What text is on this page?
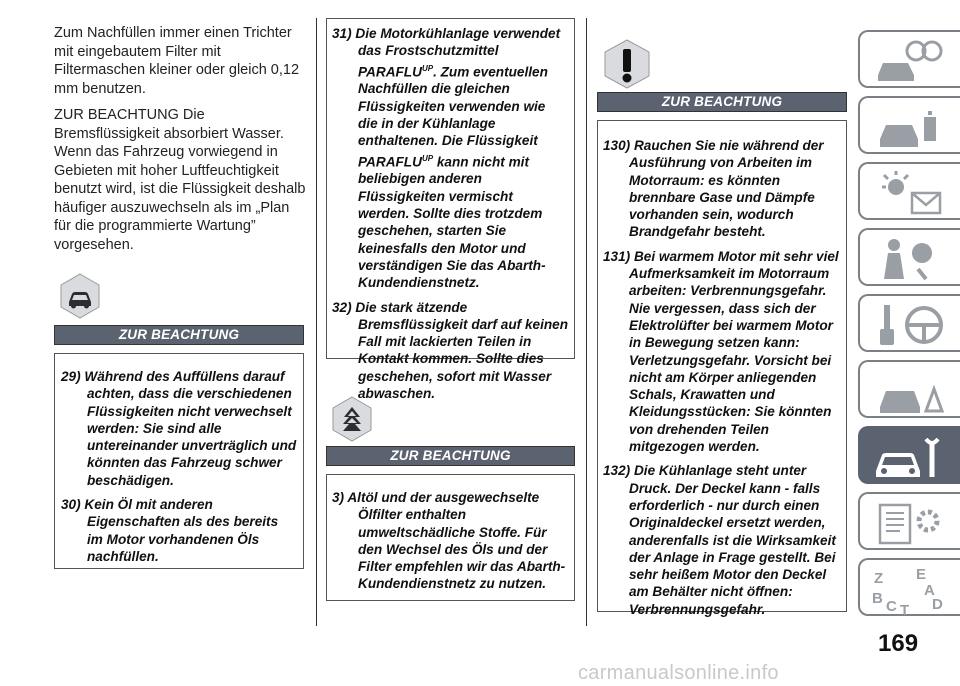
Zum Nachfüllen immer einen Trichter mit eingebautem Filter mit Filtermaschen kleiner oder gleich 0,12 mm benutzen.

ZUR BEACHTUNG Die Bremsflüssigkeit absorbiert Wasser. Wenn das Fahrzeug vorwiegend in Gebieten mit hoher Luftfeuchtigkeit benutzt wird, ist die Flüssigkeit deshalb häufiger auszuwechseln als im „Plan für die programmierte Wartung” vorgesehen.

ZUR BEACHTUNG
29) Während des Auffüllens darauf achten, dass die verschiedenen Flüssigkeiten nicht verwechselt werden: Sie sind alle untereinander unverträglich und könnten das Fahrzeug schwer beschädigen.
30) Kein Öl mit anderen Eigenschaften als des bereits im Motor vorhandenen Öls nachfüllen.
31) Die Motorkühlanlage verwendet das Frostschutzmittel $PARAFLU^{UP}$. Zum eventuellen Nachfüllen die gleichen Flüssigkeiten verwenden wie die in der Kühlanlage enthaltenen. Die Flüssigkeit $PARAFLU^{UP}$ kann nicht mit beliebigen anderen Flüssigkeiten vermischt werden. Sollte dies trotzdem geschehen, starten Sie keinesfalls den Motor und verständigen Sie das Abarth-Kundendienstnetz.
32) Die stark ätzende Bremsflüssigkeit darf auf keinen Fall mit lackierten Teilen in Kontakt kommen. Sollte dies geschehen, sofort mit Wasser abwaschen.
ZUR BEACHTUNG
3) Altöl und der ausgewechselte Ölfilter enthalten umweltschädliche Stoffe. Für den Wechsel des Öls und der Filter empfehlen wir das Abarth-Kundendienstnetz zu nutzen.
ZUR BEACHTUNG
130) Rauchen Sie nie während der Ausführung von Arbeiten im Motorraum: es könnten brennbare Gase und Dämpfe vorhanden sein, wodurch Brandgefahr besteht.
131) Bei warmem Motor mit sehr viel Aufmerksamkeit im Motorraum arbeiten: Verbrennungsgefahr. Nie vergessen, dass sich der Elektrolüfter bei warmem Motor in Bewegung setzen kann: Verletzungsgefahr. Vorsicht bei nicht am Körper anliegenden Schals, Krawatten und Kleidungsstücken: Sie könnten von drehenden Teilen mitgezogen werden.
132) Die Kühlanlage steht unter Druck. Der Deckel kann - falls erforderlich - nur durch einen Originaldeckel ersetzt werden, anderenfalls ist die Wirksamkeit der Anlage in Frage gestellt. Bei sehr heißem Motor den Deckel am Behälter nicht öffnen: Verbrennungsgefahr.
Z E
A
B C T D
169
carmanualsonline.info
